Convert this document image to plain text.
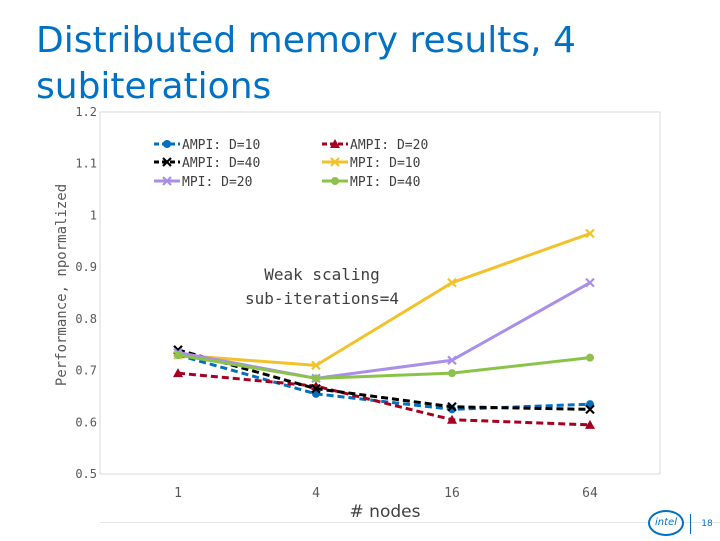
Distributed memory results, 4 subiterations
0.5
0.6
0.7
0.8
0.9
1
1.1
1.2
1	4	16	64
AMPI: D=10	AMPI: D=20
AMPI: D=40	MPI: D=10
MPI: D=20	MPI: D=40
Performance, npormalized
# nodes
Weak scaling
sub-iterations=4
intel	18
